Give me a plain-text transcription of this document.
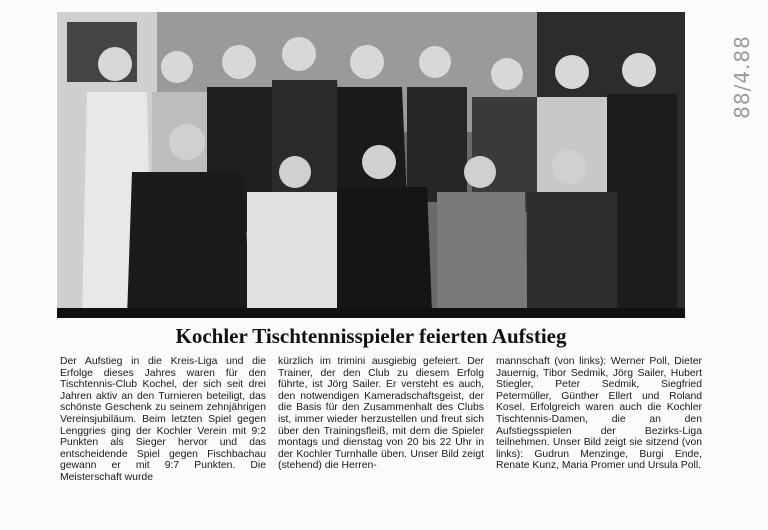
88/4.88
Kochler Tischtennisspieler feierten Aufstieg

Der Aufstieg in die Kreis-Liga und die Erfolge dieses Jahres waren für den Tischtennis-Club Kochel, der sich seit drei Jahren aktiv an den Turnieren beteiligt, das schönste Geschenk zu seinem zehnjährigen Vereinsjubiläum. Beim letzten Spiel gegen Lenggries ging der Kochler Verein mit 9:2 Punkten als Sieger hervor und das entscheidende Spiel gegen Fischbachau gewann er mit 9:7 Punkten. Die Meisterschaft wurde

kürzlich im trimini ausgiebig gefeiert. Der Trainer, der den Club zu diesem Erfolg führte, ist Jörg Sailer. Er versteht es auch, den notwendigen Kameradschaftsgeist, der die Basis für den Zusammenhalt des Clubs ist, immer wieder herzustellen und freut sich über den Trainingsfleiß, mit dem die Spieler montags und dienstag von 20 bis 22 Uhr in der Kochler Turnhalle üben. Unser Bild zeigt (stehend) die Herren-

mannschaft (von links): Werner Poll, Dieter Jauernig, Tibor Sedmik, Jörg Sailer, Hubert Stiegler, Peter Sedmik, Siegfried Petermüller, Günther Ellert und Roland Kosel. Erfolgreich waren auch die Kochler Tischtennis-Damen, die an den Aufstiegsspielen der Bezirks-Liga teilnehmen. Unser Bild zeigt sie sitzend (von links): Gudrun Menzinge, Burgi Ende, Renate Kunz, Maria Promer und Ursula Poll.
